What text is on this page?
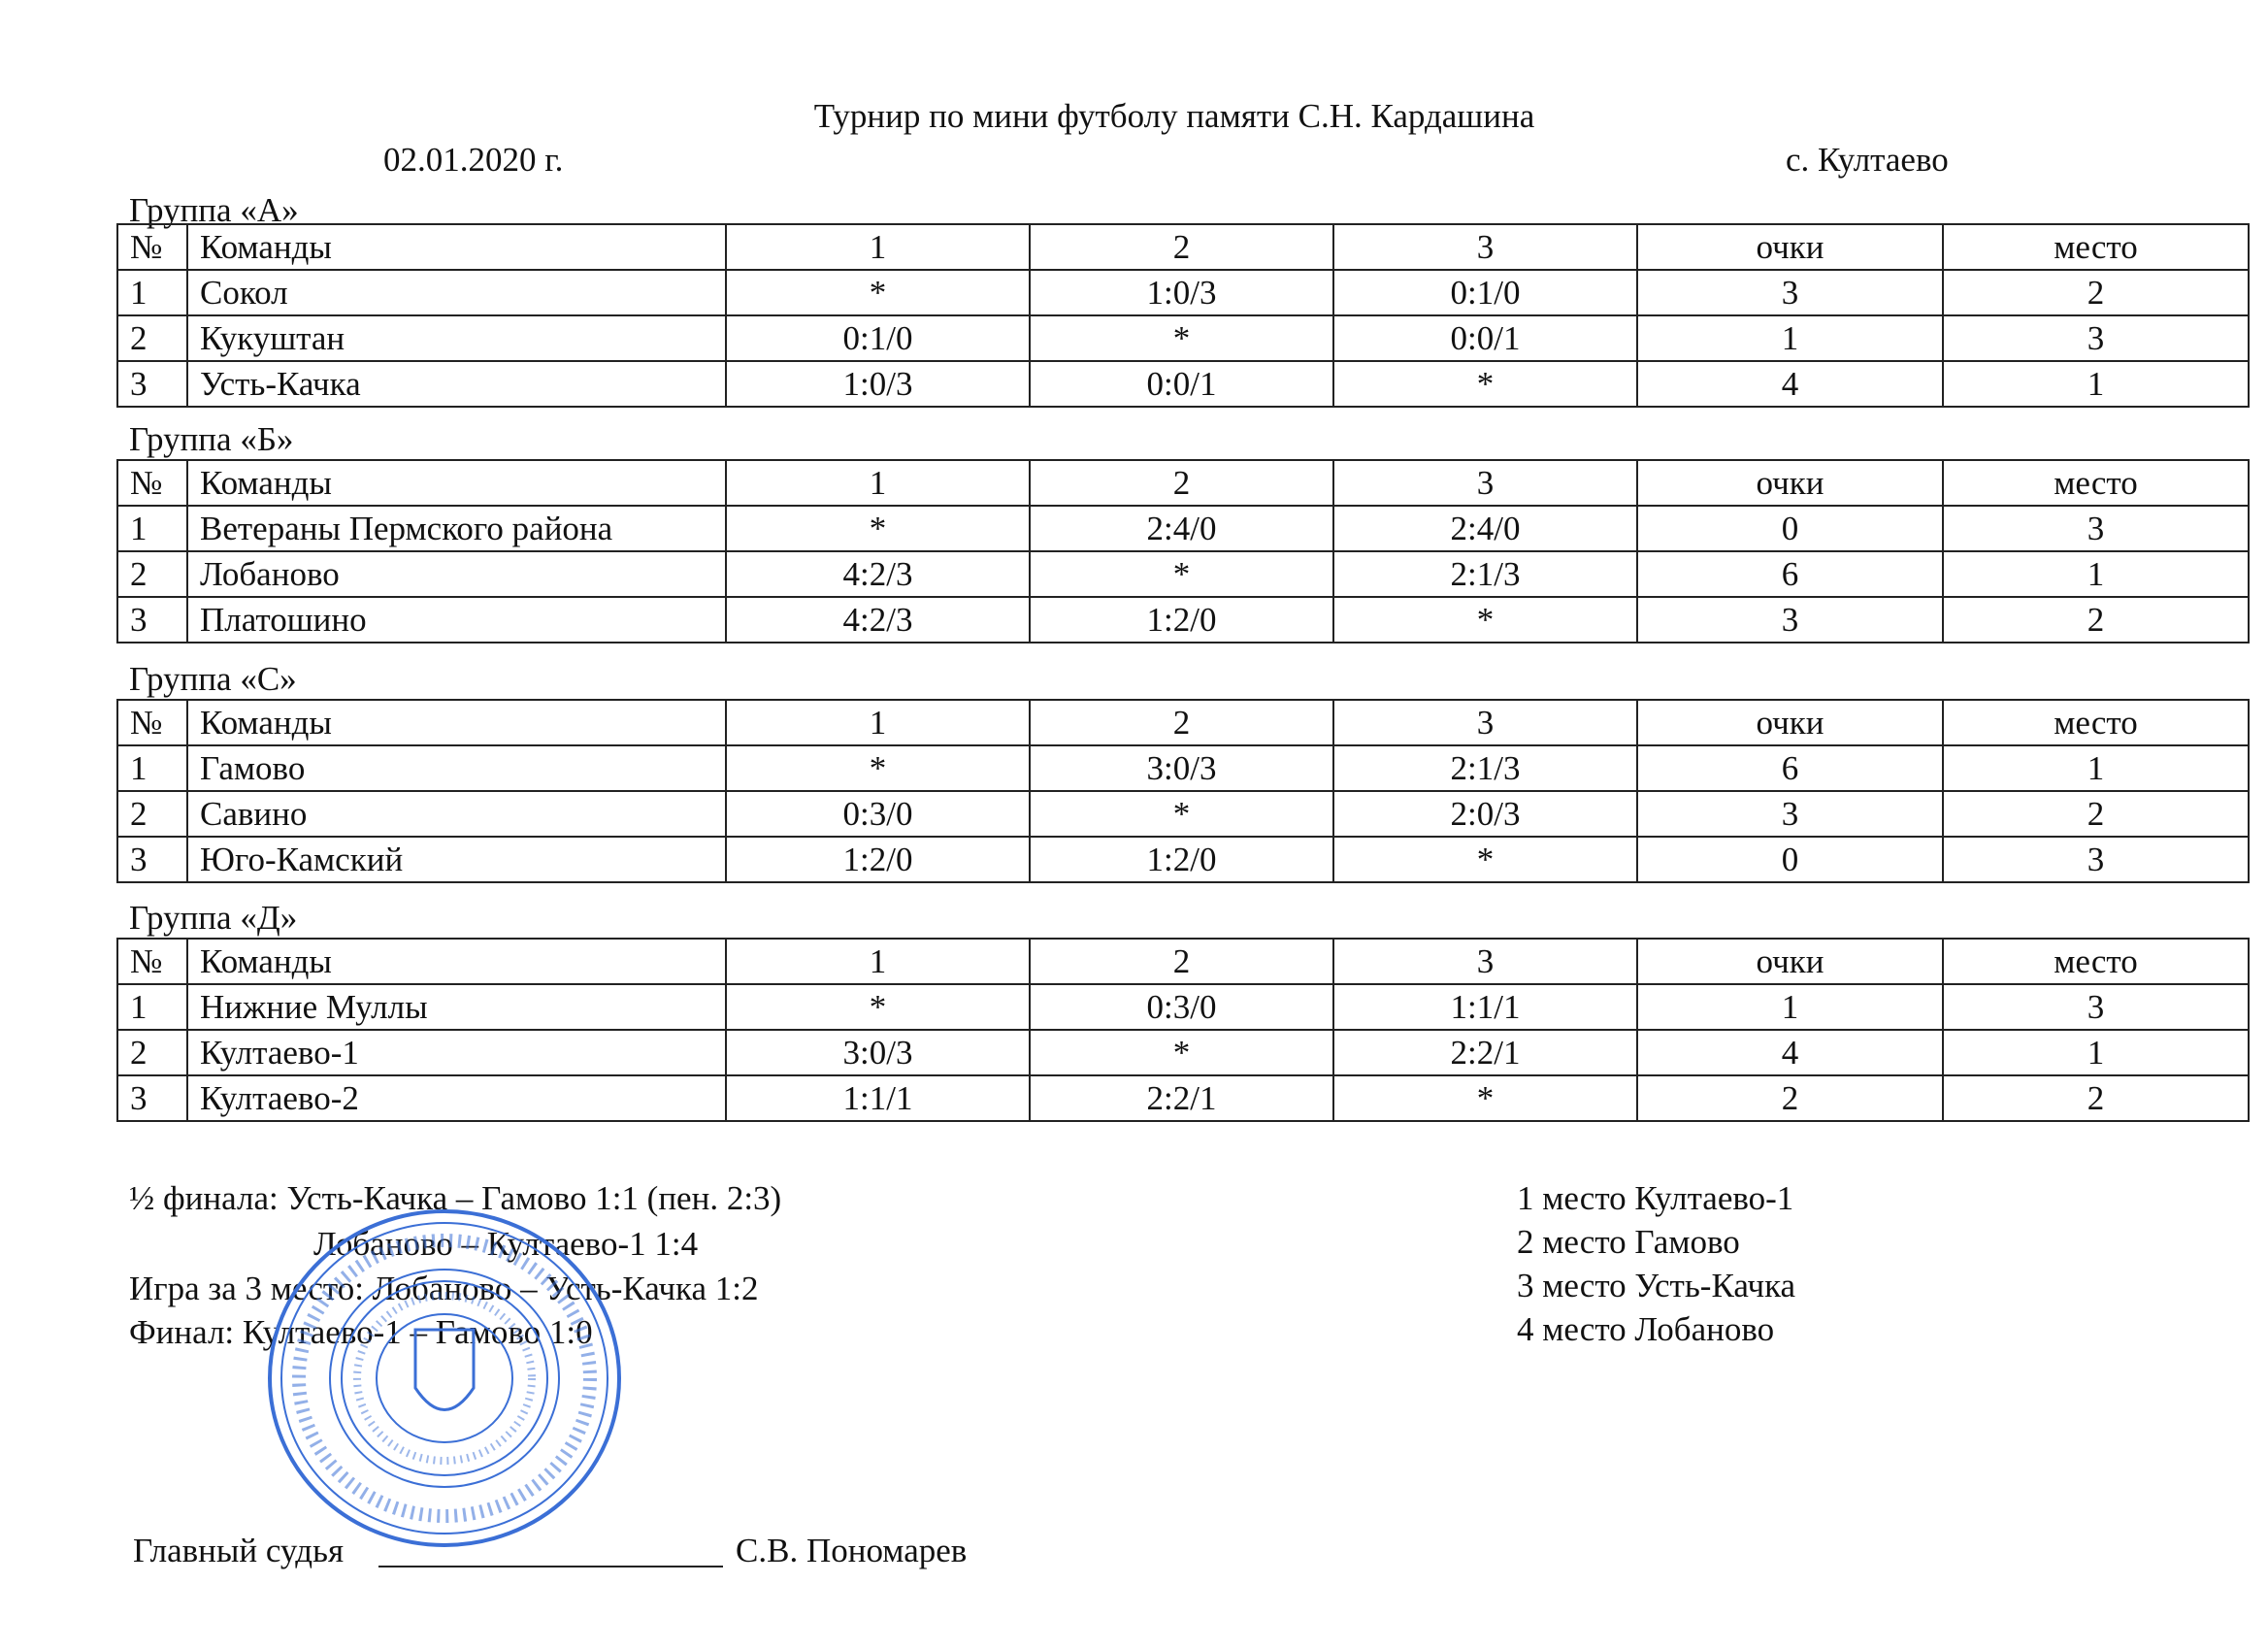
Турнир по мини футболу памяти С.Н. Кардашина
02.01.2020 г.	с. Култаево
Группа «А»
№	Команды	1	2	3	очки	место
1	Сокол	*	1:0/3	0:1/0	3	2
2	Кукуштан	0:1/0	*	0:0/1	1	3
3	Усть-Качка	1:0/3	0:0/1	*	4	1
Группа «Б»
№	Команды	1	2	3	очки	место
1	Ветераны Пермского района	*	2:4/0	2:4/0	0	3
2	Лобаново	4:2/3	*	2:1/3	6	1
3	Платошино	4:2/3	1:2/0	*	3	2
Группа «С»
№	Команды	1	2	3	очки	место
1	Гамово	*	3:0/3	2:1/3	6	1
2	Савино	0:3/0	*	2:0/3	3	2
3	Юго-Камский	1:2/0	1:2/0	*	0	3
Группа «Д»
№	Команды	1	2	3	очки	место
1	Нижние Муллы	*	0:3/0	1:1/1	1	3
2	Култаево-1	3:0/3	*	2:2/1	4	1
3	Култаево-2	1:1/1	2:2/1	*	2	2
½ финала: Усть-Качка – Гамово 1:1 (пен. 2:3)
Лобаново – Култаево-1 1:4
Игра за 3 место: Лобаново – Усть-Качка 1:2
Финал: Култаево-1 – Гамово 1:0
1 место Култаево-1
2 место Гамово
3 место Усть-Качка
4 место Лобаново
Главный судья	С.В. Пономарев
